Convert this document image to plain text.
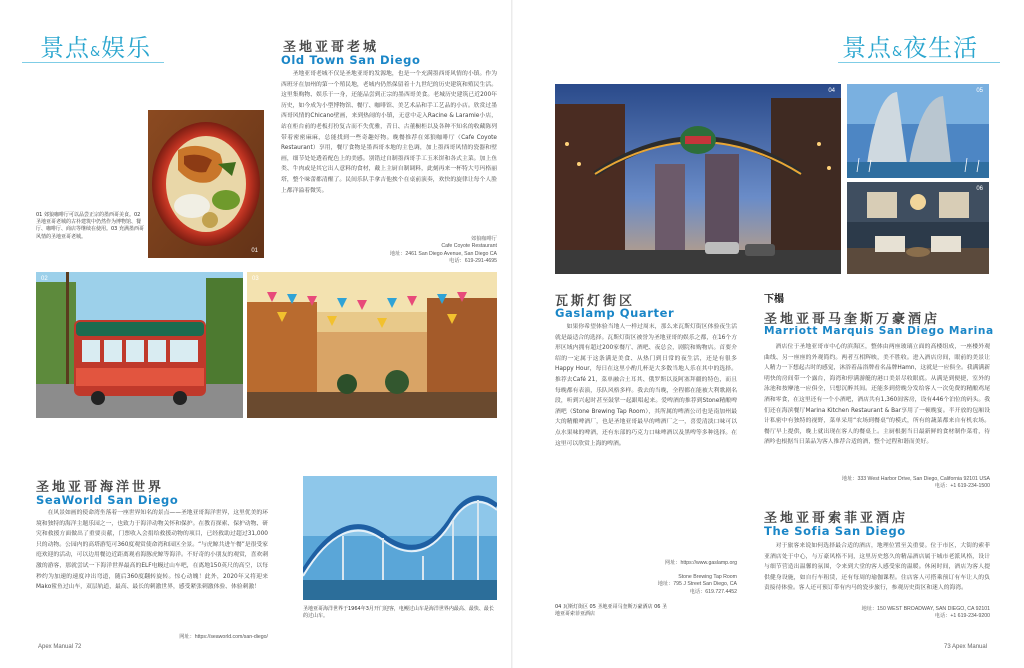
景点&娱乐	圣地亚哥老城
Old Town San Diego
圣地亚哥老城不仅是圣地亚哥的发源地，也是一个充满墨西哥风情的小镇。作为西班牙在加州的第一个殖民地，老城内仍然保留着十九世纪的历史建筑和殖民生活。这里集购物、娱乐于一身，还能品尝到正宗的墨西哥美食。老城历史建筑已近200年历史，如今成为小型博物馆、餐厅、咖啡馆、美艺术品和手工艺品的小店。欣赏过墨西哥风情的Chicano壁画，来到热闹的小镇，无意中走入Racine & Laramie小店，站在柜台前的老板打扮复古而不失优雅，昔日、古董橱柜以及各种不知名的收藏陈列带着密密麻麻，总能找到一些奇趣好物。晚餐推荐在郊狼咖啡厅（Cafe Coyote Restaurant）享用，餐厅食物是墨西哥本地的主色调，加上墨西哥风情的瓷器和壁画，细节处处透着配色上的美感。别错过自制墨西哥手工玉米饼和各式主菜。加上鱼类、牛肉或是其它出人意料的食材，戴上主厨自制调料，此刻再来一杯特大号玛格丽塔，整个味蕾都清醒了。民间乐队手拿吉他挨个在桌前演奏，欢快的旋律让每个人脸上都洋溢着微笑。
郊狼咖啡厅
Cafe Coyote Restaurant
地址：2461 San Diego Avenue, San Diego CA
电话：619-291-4695
01
01 郊狼咖啡厅可以品尝正宗的墨西哥美食。02 圣地亚哥老城的古朴建筑中仍然作为博物馆、餐厅、咖啡厅、商店等继续在使用。03 充满墨西哥风情的圣地亚哥老城。
02	03
圣地亚哥海洋世界
SeaWorld San Diego
在风景如画的使命湾坐落着一座世界知名的景点——圣地亚哥海洋世界，这里优美的环境和独特的海洋主题乐园之一，也致力于海洋动物关怀和保护。在教育探索、保护动物、研究和救援方面做出了重要贡献，门票收入会捐给救援动物的项目，已经救助过超过31,000只的动物。公园内的高塔游览可360度观赏使命湾和园区全景。“与虎鲸共进午餐”是很受家庭欢迎的活动，可以边用餐边近距离观看海豚虎鲸等海洋。不好奇的小朋友的观赏，喜欢刺激的游客，那就尝试一下海洋世界最高的ELF电鳗过山车吧，在离地150英尺的高空，以每秒约为加速的速度冲出弯道，随后360度翻转旋转。惊心动魄！此外，2020年又将迎来Mako鲨鱼过山车，双层轨道，最高、最长的刺激世界，感受紧张刺激体验、体验刺激！
网址：https://seaworld.com/san-diego/
圣地亚哥海洋世界于1964年3月开门迎客，电鳗过山车是海洋世界内最高、最快、最长的过山车。
Apex Manual 72
景点&夜生活
04	05
06
瓦斯灯街区
Gaslamp Quarter
如果你希望体验当地人一样过周末，那么来瓦斯灯街区体验夜生活就是最适合的选择。瓦斯灯街区被誉为圣地亚哥的娱乐之都，在16个方形区域内拥有超过200家餐厅、酒吧、夜总会，剧院和购物店。首要介绍的一定属于这条满是美食、从热门到日常的夜生活，还是有很多Happy Hour，每日在这里小酌几杯是大多数当地人乐在其中的选择。推荐去Café 21，菜单融合土耳其、俄罗斯以及阿塞拜疆的特色，而且每晚都有表演，乐队风格多样。我去的当晚，全程都在能被大利歌剧名段，听到兴起时甚至鼓掌一起跟唱起来。爱啤酒的推荐到Stone精酿啤酒吧（Stone Brewing Tap Room），其所属的啤酒公司也是南加州最大的精酿啤酒厂，也是圣地亚哥最早的啤酒厂之一，喜爱清淡口味可以点水果味的啤酒，还有东部的巧克力口味啤酒以及黑啤等多种选择。在这里可以欣赏上海的啤酒。
网址：https://www.gaslamp.org
Stone Brewing Tap Room
地址：795 J Street San Diego, CA
电话：619.727.4452
04 瓦斯灯街区 05 圣地亚哥马奎斯万豪酒店 06 圣地亚哥索菲亚酒店
下榻
圣地亚哥马奎斯万豪酒店
Marriott Marquis San Diego Marina
酒店位于圣地亚哥市中心的滨海区，整体由两座玻璃立面的高楼组成，一座楼外观曲线、另一座座的外观简约。两者互相辉映，美不胜收。进入酒店房间，眼前的美景让人精力一下想起古时的感觉，沐浴着品浴牌看名品牌Hamn，这就是一应俱全。我满满新明快的房间带一个露台，海湾和停满游艇的港口美景尽收眼底。从满是到便捷，室外的泳池和按摩池一应俱全，只想沉醉其间。还能多到傍晚分发给客人一次免费的精酿鸡尾酒和零食，在这里还有一个小酒吧，酒店共有1,360间客房，设有446个泊位的码头。我们还在海滨餐厅Marina Kitchen Restaurant & Bar享用了一顿晚宴。半开放的包厢设计私密中有独特的视野，菜单采用“农场到餐桌”的模式，所有的蔬菜都来自有机农场。餐厅早上提供，晚上就出现在客人的餐桌上。主厨根据当日最新鲜的食材制作菜肴，待酒吟也根据当日菜品为客人推荐合适的酒，整个过程和谐而美好。
地址：333 West Harbor Drive, San Diego, California 92101 USA
电话：+1 619-234-1500
圣地亚哥索菲亚酒店
The Sofia San Diego
对于旅客来说如何选择最合适的酒店，地理位置至关重要。位于市区，大街的索菲亚酒店处于中心，与万豪风格不同，这里历史悠久的精品酒店属于城市老派风格，设计与细节营造出温馨的氛围，令来到大堂的客人感受家的温暖。休闲时间，酒店为客人提供健身设施，如自行车租赁，还有每周的瑜伽课程。住店客人可搭乘预订有车让人的负责接待体验。客人还可预订带有内马的瓷步旅行，参观历史街区和迷人的海湾。
地址：150 WEST BROADWAY, SAN DIEGO, CA 92101
电话：+1 619-234-9200
73 Apex Manual
